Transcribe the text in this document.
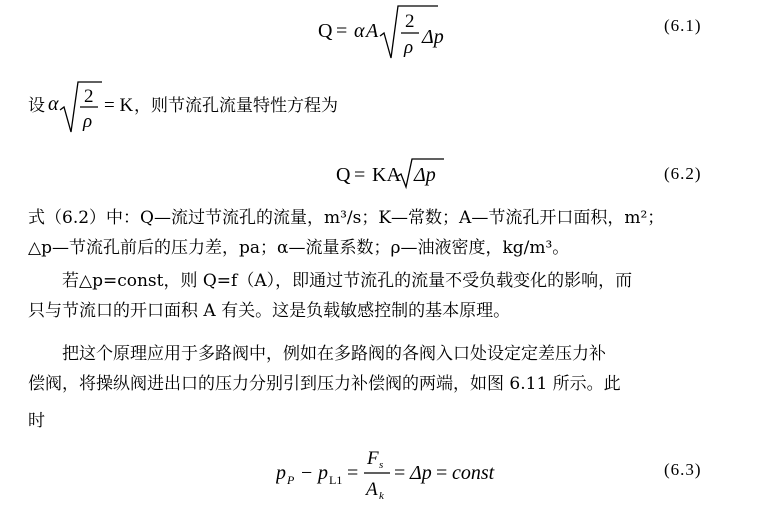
Q = α A 2
ρ Δp
(6.1)
设 α 2
ρ
= K ，则节流孔流量特性方程为
Q = KA Δp	(6.2)
式（6.2）中：Q—流过节流孔的流量，m³/s；K—常数；A—节流孔开口面积，m²；
△p—节流孔前后的压力差，pa；α—流量系数；ρ—油液密度，kg/m³。
若△p=const，则 Q=f（A），即通过节流孔的流量不受负载变化的影响，而
只与节流口的开口面积 A 有关。这是负载敏感控制的基本原理。
把这个原理应用于多路阀中，例如在多路阀的各阀入口处设定定差压力补
偿阀，将操纵阀进出口的压力分别引到压力补偿阀的两端，如图 6.11 所示。此
时
p P − p L1 =
F s
A k
= Δp = const	(6.3)
